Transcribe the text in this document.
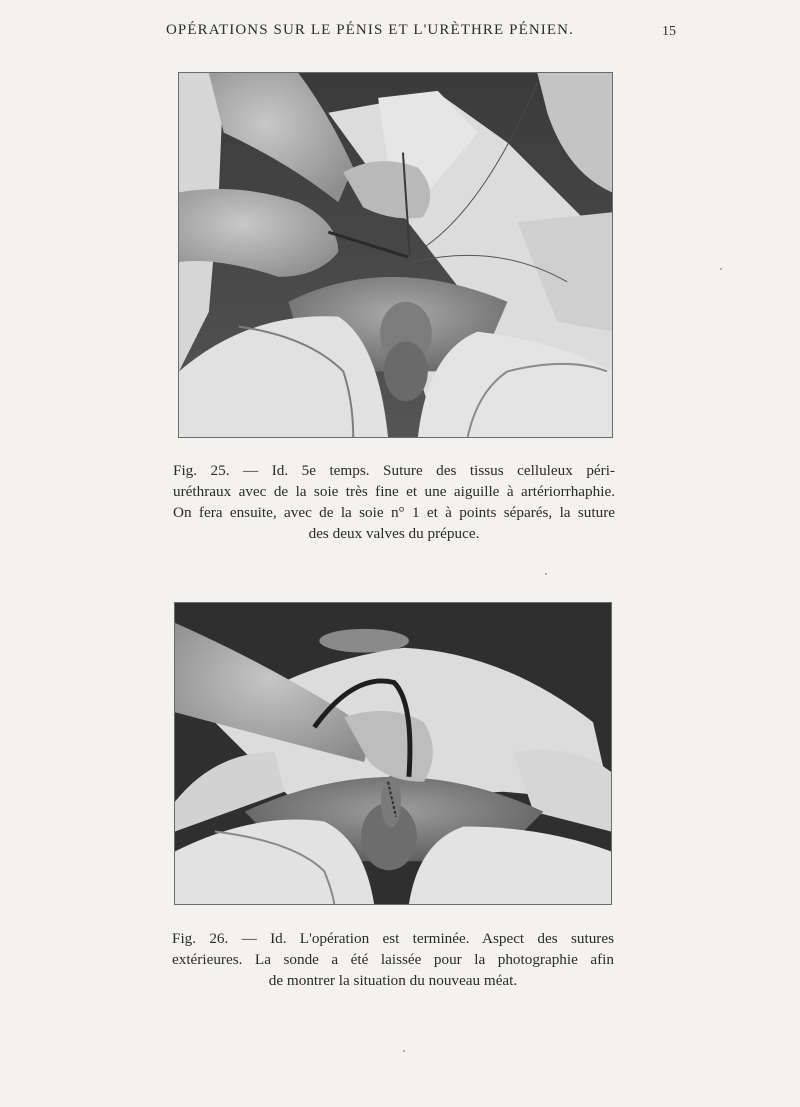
OPÉRATIONS SUR LE PÉNIS ET L'URÈTHRE PÉNIEN.	15

Fig. 25. — Id. 5e temps. Suture des tissus celluleux péri-
uréthraux avec de la soie très fine et une aiguille à artériorrhaphie.
On fera ensuite, avec de la soie n° 1 et à points séparés, la suture
des deux valves du prépuce.

Fig. 26. — Id. L'opération est terminée. Aspect des sutures
extérieures. La sonde a été laissée pour la photographie afin
de montrer la situation du nouveau méat.
